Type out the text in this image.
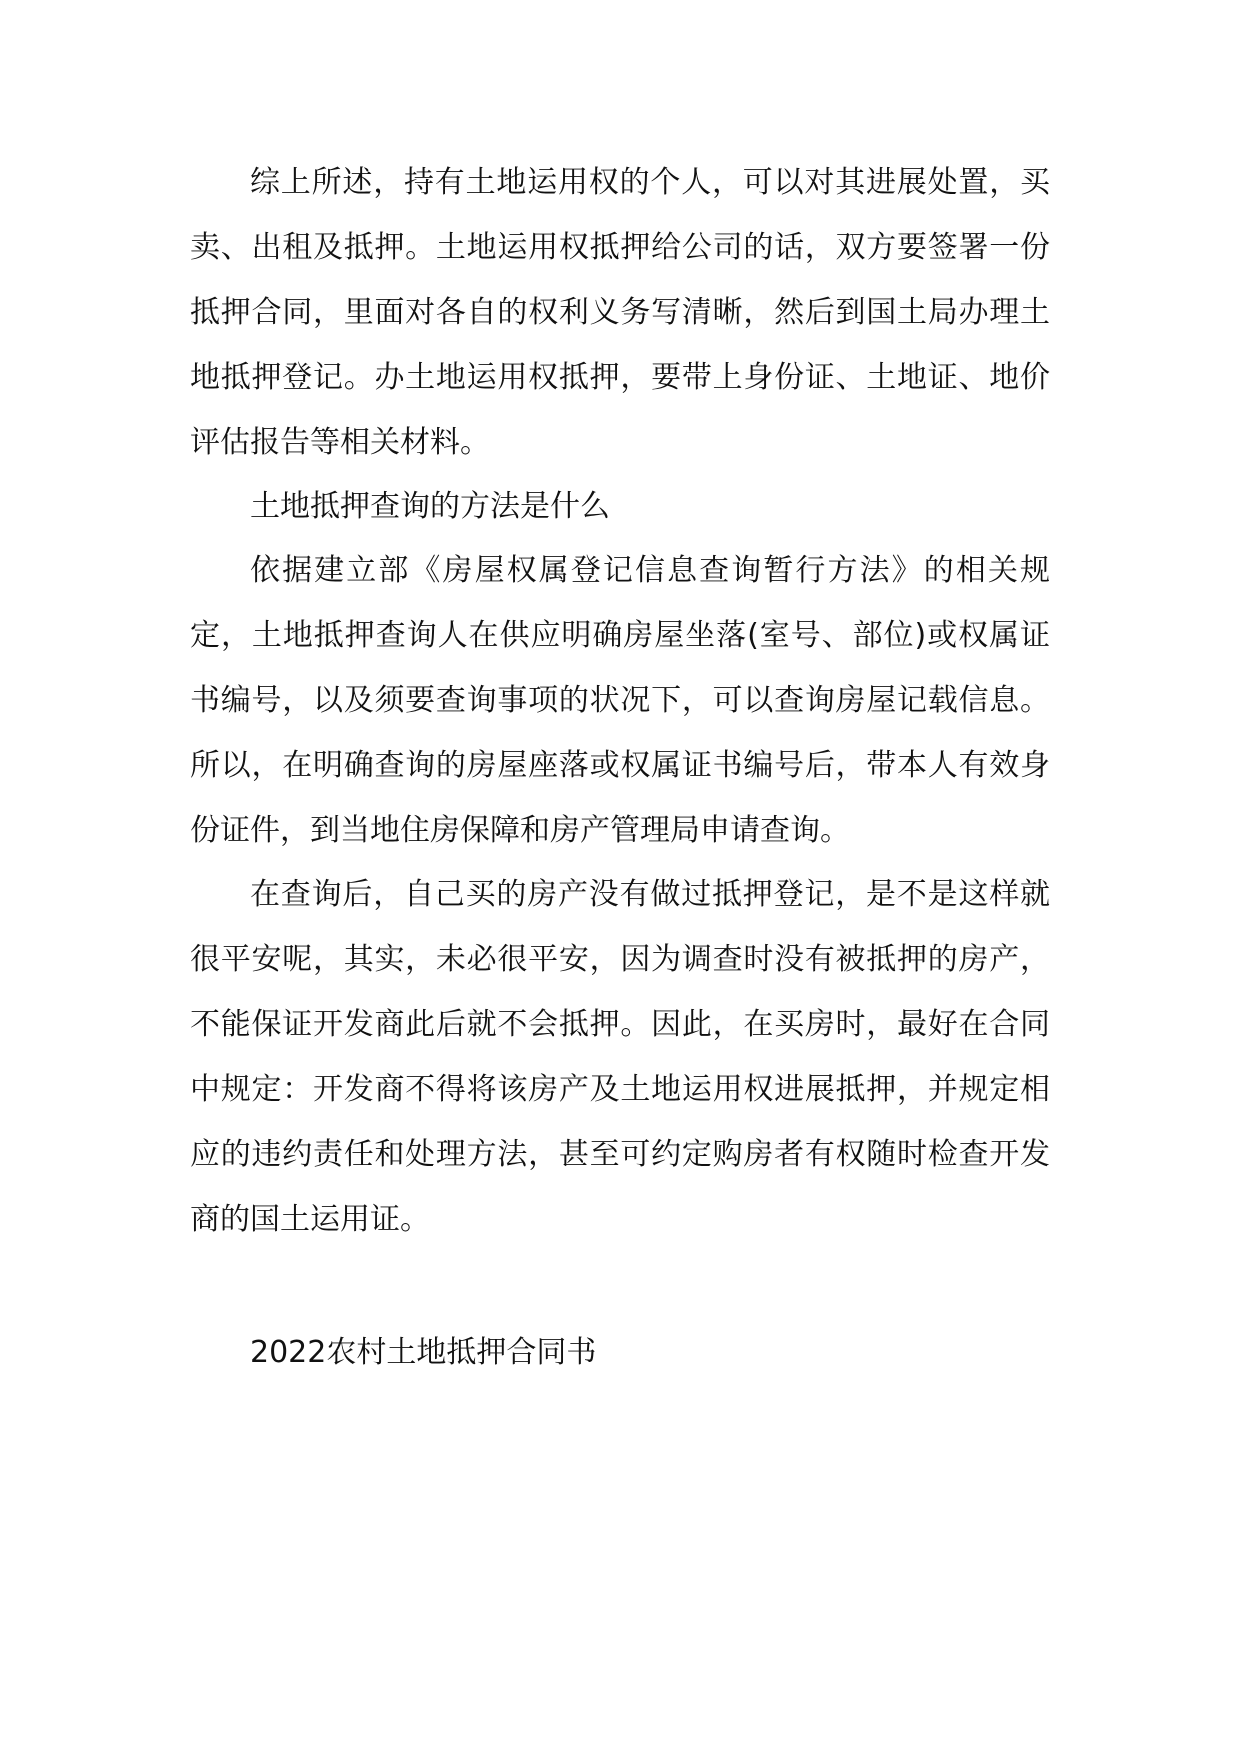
综上所述，持有土地运用权的个人，可以对其进展处置，买卖、出租及抵押。土地运用权抵押给公司的话，双方要签署一份抵押合同，里面对各自的权利义务写清晰，然后到国土局办理土地抵押登记。办土地运用权抵押，要带上身份证、土地证、地价评估报告等相关材料。

土地抵押查询的方法是什么

依据建立部《房屋权属登记信息查询暂行方法》的相关规定，土地抵押查询人在供应明确房屋坐落(室号、部位)或权属证书编号，以及须要查询事项的状况下，可以查询房屋记载信息。所以，在明确查询的房屋座落或权属证书编号后，带本人有效身份证件，到当地住房保障和房产管理局申请查询。

在查询后，自己买的房产没有做过抵押登记，是不是这样就很平安呢，其实，未必很平安，因为调查时没有被抵押的房产，不能保证开发商此后就不会抵押。因此，在买房时，最好在合同中规定：开发商不得将该房产及土地运用权进展抵押，并规定相应的违约责任和处理方法，甚至可约定购房者有权随时检查开发商的国土运用证。

2022农村土地抵押合同书
